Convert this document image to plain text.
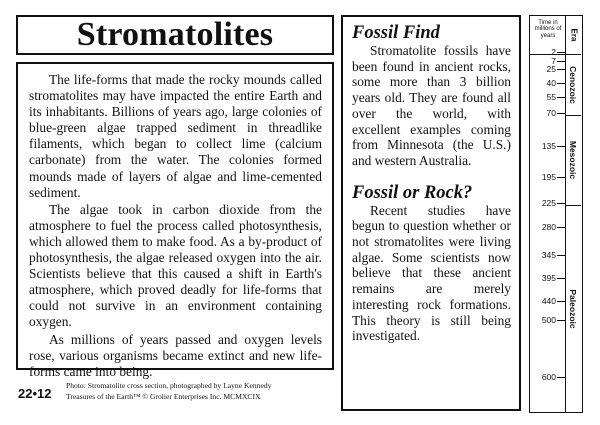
Stromatolites

The life-forms that made the rocky mounds called stromatolites may have impacted the entire Earth and its inhabitants. Billions of years ago, large colonies of blue-green algae trapped sediment in threadlike filaments, which began to collect lime (calcium carbonate) from the water. The colonies formed mounds made of layers of algae and lime-cemented sediment.

The algae took in carbon dioxide from the atmosphere to fuel the process called photosynthesis, which allowed them to make food. As a by-product of photosynthesis, the algae released oxygen into the air. Scientists believe that this caused a shift in Earth's atmosphere, which proved deadly for life-forms that could not survive in an environment containing oxygen.

As millions of years passed and oxygen levels rose, various organisms became extinct and new life-forms came into being.

Fossil Find

Stromatolite fossils have been found in ancient rocks, some more than 3 billion years old. They are found all over the world, with excellent examples coming from Minnesota (the U.S.) and western Australia.

Fossil or Rock?

Recent studies have begun to question whether or not stromatolites were living algae. Some scientists now believe that these ancient remains are merely interesting rock formations. This theory is still being investigated.

22•12
Photo: Stromatolite cross section, photographed by Layne Kennedy
Treasures of the Earth™ © Grolier Enterprises Inc. MCMXCIX
Time in millions of years	Era
2
7
25
40
55
70
135
195
225
280
345
395
440
500
600
Cenozoic
Mesozoic
Paleozoic
